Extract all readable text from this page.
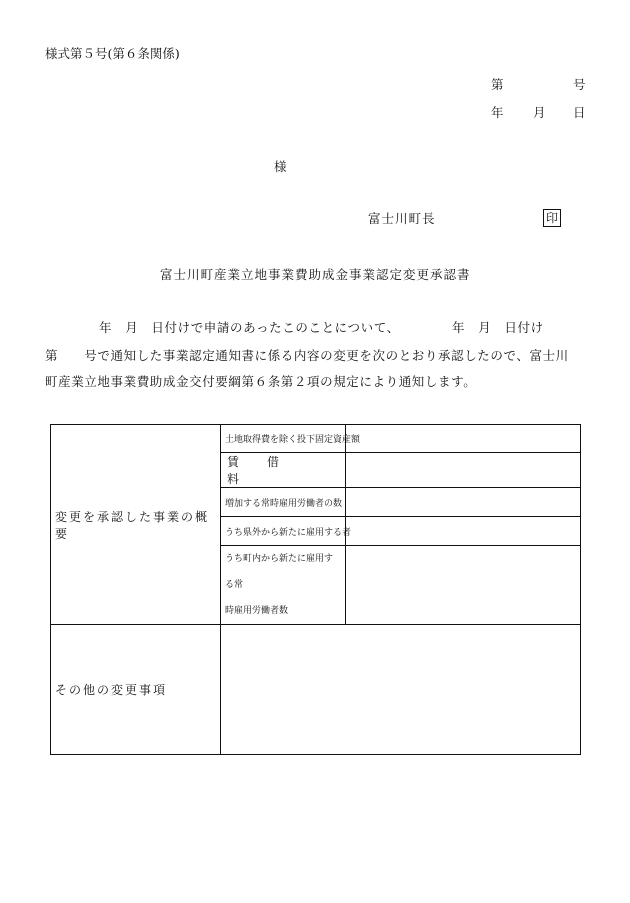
様式第５号(第６条関係)
第	号
年 月 日
様
富士川町長	印
富士川町産業立地事業費助成金事業認定変更承認書
年　月　日付けで申請のあったこのことについて、	年　月　日付け
第　　号で通知した事業認定通知書に係る内容の変更を次のとおり承認したので、富士川
町産業立地事業費助成金交付要綱第６条第２項の規定により通知します。
変更を承認した事業の概要	土地取得費を除く投下固定資産額	
	賃借料	
	増加する常時雇用労働者の数	
	うち県外から新たに雇用する者	

	うち町内から新たに雇用する常
時雇用労働者数	

その他の変更事項		
